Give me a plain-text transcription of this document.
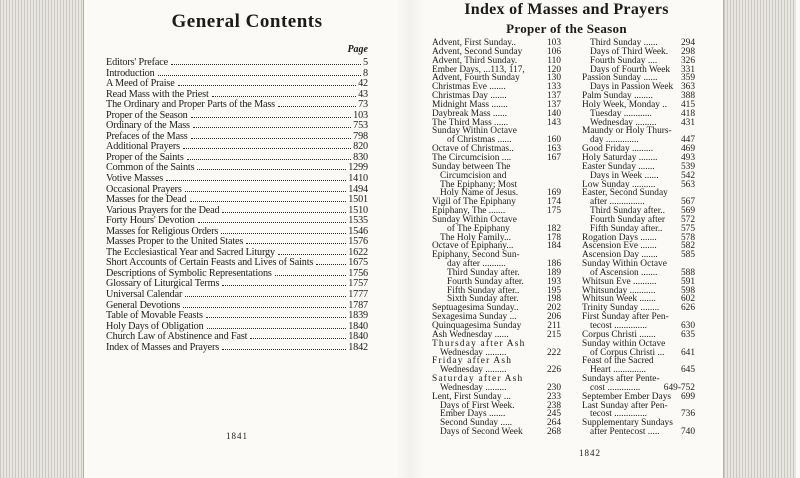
General Contents
Page
Editors' Preface	5
Introduction	8
A Meed of Praise	42
Read Mass with the Priest	43
The Ordinary and Proper Parts of the Mass	73
Proper of the Season	103
Ordinary of the Mass	753
Prefaces of the Mass	798
Additional Prayers	820
Proper of the Saints	830
Common of the Saints	1299
Votive Masses	1410
Occasional Prayers	1494
Masses for the Dead	1501
Various Prayers for the Dead	1510
Forty Hours' Devotion	1535
Masses for Religious Orders	1546
Masses Proper to the United States	1576
The Ecclesiastical Year and Sacred Liturgy	1622
Short Accounts of Certain Feasts and Lives of Saints	1675
Descriptions of Symbolic Representations	1756
Glossary of Liturgical Terms	1757
Universal Calendar	1777
General Devotions	1787
Table of Movable Feasts	1839
Holy Days of Obligation	1840
Church Law of Abstinence and Fast	1840
Index of Masses and Prayers	1842
1841
Index of Masses and Prayers
Proper of the Season
Advent, First Sunday..	103
Advent, Second Sunday	106
Advent, Third Sunday.	110
Ember Days, ...113, 117, 120
Advent, Fourth Sunday	130
Christmas Eve .......	133
Christmas Day .......	137
Midnight Mass .......	137
Daybreak Mass ......	140
The Third Mass ......	143
Sunday Within Octave
of Christmas ......	160
Octave of Christmas..	163
The Circumcision ....	167
Sunday between The
Circumcision and
The Epiphany; Most
Holy Name of Jesus.	169
Vigil of The Epiphany	174
Epiphany, The .......	175
Sunday Within Octave
of The Epiphany	182
The Holy Family...	178
Octave of Epiphany...	184
Epiphany, Second Sun-
day after ..........	186
Third Sunday after.	189
Fourth Sunday after. 193
Fifth Sunday after..	195
Sixth Sunday after.	198
Septuagesima Sunday..	202
Sexagesima Sunday ...	206
Quinquagesima Sunday	211
Ash Wednesday ......	215
Thursday after Ash
Wednesday .........	222
Friday after Ash
Wednesday .........	226
Saturday after Ash
Wednesday .........	230
Lent, First Sunday ...	233
Days of First Week.	238
Ember Days .......	245
Second Sunday .....	264
Days of Second Week	268
Third Sunday ...... 294
Days of Third Week. 298
Fourth Sunday ....	326
Days of Fourth Week 331
Passion Sunday ...... 359
Days in Passion Week 363
Palm Sunday ........	388
Holy Week, Monday .. 415
Tuesday ............	418
Wednesday .........	431
Maundy or Holy Thurs-
day ..............	447
Good Friday .........	469
Holy Saturday ........ 493
Easter Sunday .......	539
Days in Week ...... 542
Low Sunday ..........	563
Easter, Second Sunday
after ...............	567
Third Sunday after.. 569
Fourth Sunday after 572
Fifth Sunday after.. 575
Rogation Days .......	578
Ascension Eve .......	582
Ascension Day ....... 585
Sunday Within Octave
of Ascension ....... 588
Whitsun Eve ..........	591
Whitsunday ...........	598
Whitsun Week .......	602
Trinity Sunday ........ 626
First Sunday after Pen-
tecost ..............	630
Corpus Christi .......	635
Sunday within Octave
of Corpus Christi ... 641
Feast of the Sacred
Heart ..............	645
Sundays after Pente-
cost .............. 649-752
September Ember Days 699
Last Sunday after Pen-
tecost ..............	736
Supplementary Sundays
after Pentecost ..... 740
1842
